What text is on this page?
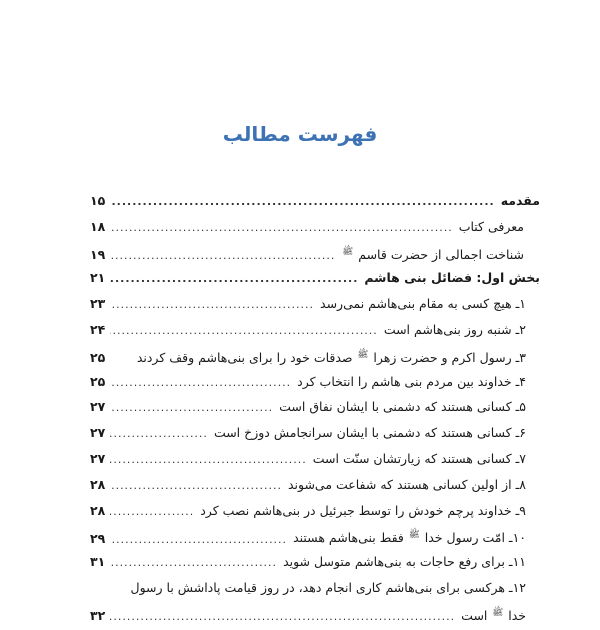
فهرست مطالب
مقدمه
.....
۱۵
معرفی کتاب
.....
۱۸
شناخت اجمالی از حضرت قاسم $^ﷺ$
.....
۱۹
بخش اول: فضائل بنی هاشم
.....
۲۱
۱ـ هیچ کسی به مقام بنی‌هاشم نمی‌رسد
.....
۲۳
۲ـ شنبه روز بنی‌هاشم است
.....
۲۴
۳ـ رسول اکرم و حضرت زهرا $^ﷺ$ صدقات خود را برای بنی‌هاشم وقف کردند
۲۵
۴ـ خداوند بین مردم بنی هاشم را انتخاب کرد
.....
۲۵
۵ـ کسانی هستند که دشمنی با ایشان نفاق است
.....
۲۷
۶ـ کسانی هستند که دشمنی با ایشان سرانجامش دوزخ است
.....
۲۷
۷ـ کسانی هستند که زیارتشان سنّت است
.....
۲۷
۸ـ از اولین کسانی هستند که شفاعت می‌شوند
.....
۲۸
۹ـ خداوند پرچم خودش را توسط جبرئیل در بنی‌هاشم نصب کرد
.....
۲۸
۱۰ـ امّت رسول خدا $^ﷺ$ فقط بنی‌هاشم هستند
.....
۲۹
۱۱ـ برای رفع حاجات به بنی‌هاشم متوسل شوید
.....
۳۱
۱۲ـ هرکسی برای بنی‌هاشم کاری انجام دهد، در روز قیامت پاداشش با رسول
خدا $^ﷺ$ است
.....
۳۲
